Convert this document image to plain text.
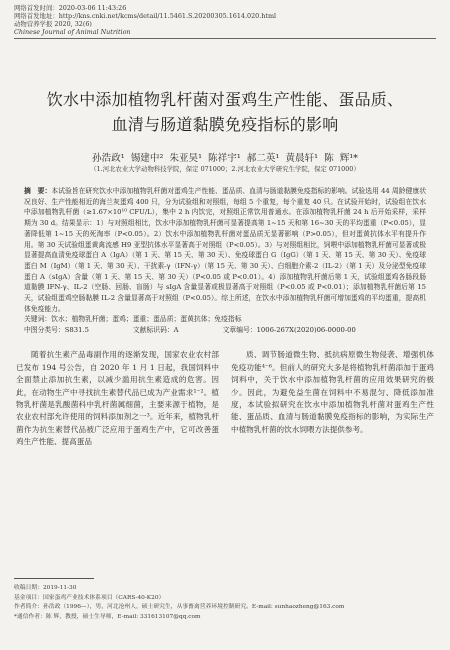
网络首发时间：2020-03-06 11:43:26
网络首发地址：http://kns.cnki.net/kcms/detail/11.5461.S.20200305.1614.020.html
动物营养学报 2020, 32(6)
Chinese Journal of Animal Nutrition
饮水中添加植物乳杆菌对蛋鸡生产性能、蛋品质、
血清与肠道黏膜免疫指标的影响
孙浩政¹ 锡建中² 朱亚昊¹ 陈祥宇¹ 郝二英¹ 黄晨轩¹ 陈 辉¹*
（1.河北农业大学动物科技学院，保定 071000；2.河北农业大学研究生学院，保定 071000）
摘　要：本试验旨在研究饮水中添加植物乳杆菌对蛋鸡生产性能、蛋品质、血清与肠道黏膜免疫指标的影响。试验选用 44 周龄健康状况良好、生产性能相近的海兰灰蛋鸡 400 只，分为试验组和对照组，每组 5 个重复，每个重复 40 只。在试验开始时，试验组在饮水中添加植物乳杆菌（≥1.67×10¹⁰ CFU/L），集中 2 h 内饮完，对照组正常饮用普通水。在添加植物乳杆菌 24 h 后开始采样，采样期为 30 d。结果显示：1）与对照组相比，饮水中添加植物乳杆菌可显著提高第 1~15 天和第 16~30 天的平均蛋重（P<0.05），显著降低第 1~15 天的死淘率（P<0.05）。2）饮水中添加植物乳杆菌对蛋品质无显著影响（P>0.05），但对蛋黄抗体水平有提升作用。第 30 天试验组蛋黄禽流感 H9 亚型抗体水平显著高于对照组（P<0.05）。3）与对照组相比，饲喂中添加植物乳杆菌可显著或极显著提高血清免疫球蛋白 A（IgA）（第 1 天、第 15 天、第 30 天）、免疫球蛋白 G（IgG）（第 1 天、第 15 天、第 30 天）、免疫球蛋白 M（IgM）（第 1 天、第 30 天）、干扰素-γ（IFN-γ）（第 15 天、第 30 天）、白细胞介素-2（IL-2）（第 1 天）及分泌型免疫球蛋白 A（sIgA）含量（第 1 天、第 15 天、第 30 天）（P<0.05 或 P<0.01）。4）添加植物乳杆菌后第 1 天，试验组蛋鸡各肠段肠道黏膜 IFN-γ、IL-2（空肠、回肠、盲肠）与 sIgA 含量显著或极显著高于对照组（P<0.05 或 P<0.01）；添加植物乳杆菌后第 15 天，试验组蛋鸡空肠黏膜 IL-2 含量显著高于对照组（P<0.05）。综上所述，在饮水中添加植物乳杆菌可增加蛋鸡的平均蛋重，提高机体免疫能力。
关键词：饮水；植物乳杆菌；蛋鸡；蛋重；蛋品质；蛋黄抗体；免疫指标
中图分类号：S831.5	文献标识码：A	文章编号：1006-267X(2020)06-0000-00

随着抗生素产品毒副作用的逐渐发现，国家农业农村部已发布 194 号公告，自 2020 年 1 月 1 日起，我国饲料中全面禁止添加抗生素，以减少滥用抗生素造成的危害。因此，在动物生产中寻找抗生素替代品已成为产业需求¹⁻²。植物乳杆菌是乳酸菌科中乳杆菌属细菌，主要来源于植物，是农业农村部允许使用的饲料添加剂之一³。近年来，植物乳杆菌作为抗生素替代品被广泛应用于蛋鸡生产中，它可改善蛋鸡生产性能、提高蛋品

质、调节肠道微生物、抵抗病原微生物侵袭、增强机体免疫功能⁴⁻⁶。但前人的研究大多是将植物乳杆菌添加于蛋鸡饲料中，关于饮水中添加植物乳杆菌的应用效果研究的极少。因此，为避免益生菌在饲料中不易混匀、降低添加准度，本试验拟研究在饮水中添加植物乳杆菌对蛋鸡生产性能、蛋品质、血清与肠道黏膜免疫指标的影响，为实际生产中植物乳杆菌的饮水饲喂方法提供参考。

收稿日期：2019-11-30
基金项目：国家蛋鸡产业技术体系项目（CARS-40-K20）
作者简介：孙浩政（1996—），男，河北沧州人，硕士研究生，从事畜禽营养环境控制研究。E-mail: sunhaozheng@163.com
*通信作者：陈 辉，教授，硕士生导师，E-mail: 331613107@qq.com
